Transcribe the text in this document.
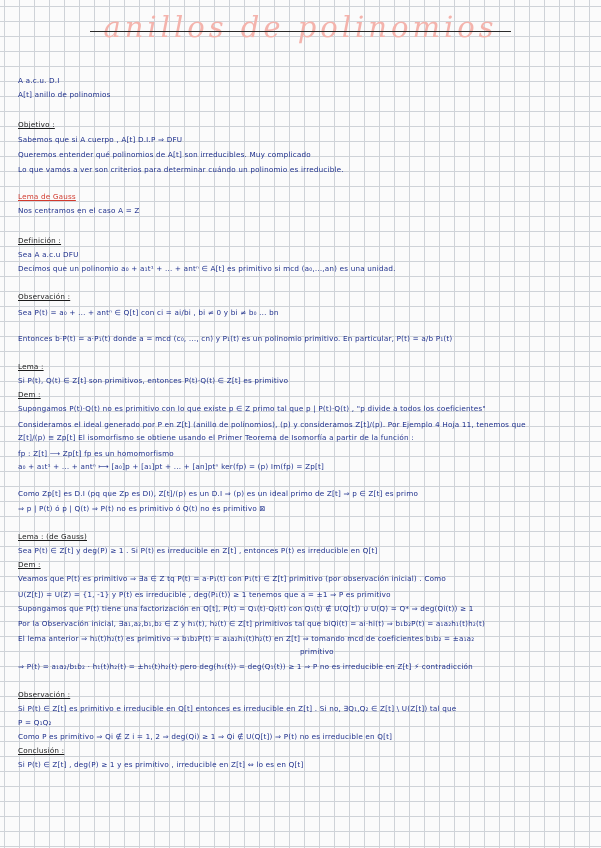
anillos de polinomios
A a.c.u. D.I
A[t] anillo de polinomios
Objetivo :
Sabemos que si A cuerpo , A[t] D.I.P ⇒ DFU
Queremos entender qué polinomios de A[t] son irreducibles. Muy complicado
Lo que vamos a ver son criterios para determinar cuándo un polinomio es irreducible.
Lema de Gauss
Nos centramos en el caso A = Z
Definición :
Sea A a.c.u DFU
Decimos que un polinomio a₀ + a₁t¹ + ... + antⁿ ∈ A[t] es primitivo si mcd (a₀,...,an) es una unidad.
Observación :
Sea P(t) = a₀ + ... + antⁿ ∈ Q[t] con ci = ai/bi , bi ≠ 0 y bi ≠ b₀ ... bn
Entonces b·P(t) = a·P₁(t) donde a = mcd (c₀, ..., cn) y P₁(t) es un polinomio primitivo. En particular, P(t) = a/b P₁(t)
Lema :
Si P(t), Q(t) ∈ Z[t] son primitivos, entonces P(t)·Q(t) ∈ Z[t] es primitivo
Dem :
Supongamos P(t)·Q(t) no es primitivo con lo que existe p ∈ Z primo tal que p | P(t)·Q(t) , "p divide a todos los coeficientes"
Consideramos el ideal generado por P en Z[t] (anillo de polinomios), (p) y consideramos Z[t]/(p). Por Ejemplo 4 Hoja 11, tenemos que
Z[t]/(p) ≅ Zp[t] El isomorfismo se obtiene usando el Primer Teorema de Isomorfía a partir de la función :
fp : Z[t] ⟶ Zp[t] fp es un homomorfismo
a₀ + a₁t¹ + ... + antⁿ ⟼ [a₀]p + [a₁]pt + ... + [an]ptⁿ ker(fp) = (p) Im(fp) = Zp[t]
Como Zp[t] es D.I (pq que Zp es DI), Z[t]/(p) es un D.I ⇒ (p) es un ideal primo de Z[t] ⇒ p ∈ Z[t] es primo
⇒ p | P(t) ó p | Q(t) ⇒ P(t) no es primitivo ó Q(t) no es primitivo ⊠
Lema : (de Gauss)
Sea P(t) ∈ Z[t] y deg(P) ≥ 1 . Si P(t) es irreducible en Z[t] , entonces P(t) es irreducible en Q[t]
Dem :
Veamos que P(t) es primitivo ⇒ ∃a ∈ Z tq P(t) = a·P₁(t) con P₁(t) ∈ Z[t] primitivo (por observación inicial) . Como
U(Z[t]) = U(Z) = {1, -1} y P(t) es irreducible , deg(P₁(t)) ≥ 1 tenemos que a = ±1 ⇒ P es primitivo
Supongamos que P(t) tiene una factorización en Q[t], P(t) = Q₁(t)·Q₂(t) con Q₁(t) ∉ U(Q[t]) ∪ U(Q) = Q* ⇒ deg(Qi(t)) ≥ 1
Por la Observación inicial, ∃a₁,a₂,b₁,b₂ ∈ Z y h₁(t), h₂(t) ∈ Z[t] primitivos tal que biQi(t) = ai·hi(t) ⇒ b₁b₂P(t) = a₁a₂h₁(t)h₂(t)
El lema anterior ⇒ h₁(t)h₂(t) es primitivo ⇒ b₁b₂P(t) = a₁a₂h₁(t)h₂(t) en Z[t] ⇒ tomando mcd de coeficientes b₁b₂ = ±a₁a₂
primitivo
⇒ P(t) = a₁a₂/b₁b₂ · h₁(t)h₂(t) = ±h₁(t)h₂(t) pero deg(h₁(t)) = deg(Q₁(t)) ≥ 1 ⇒ P no es irreducible en Z[t] ⚡ contradicción
Observación :
Si P(t) ∈ Z[t] es primitivo e irreducible en Q[t] entonces es irreducible en Z[t] . Si no, ∃Q₁,Q₂ ∈ Z[t] \ U(Z[t]) tal que
P = Q₁Q₂
Como P es primitivo ⇒ Qi ∉ Z i = 1, 2 ⇒ deg(Qi) ≥ 1 ⇒ Qi ∉ U(Q[t]) ⇒ P(t) no es irreducible en Q[t]
Conclusión :
Si P(t) ∈ Z[t] , deg(P) ≥ 1 y es primitivo , irreducible en Z[t] ⇔ lo es en Q[t]
